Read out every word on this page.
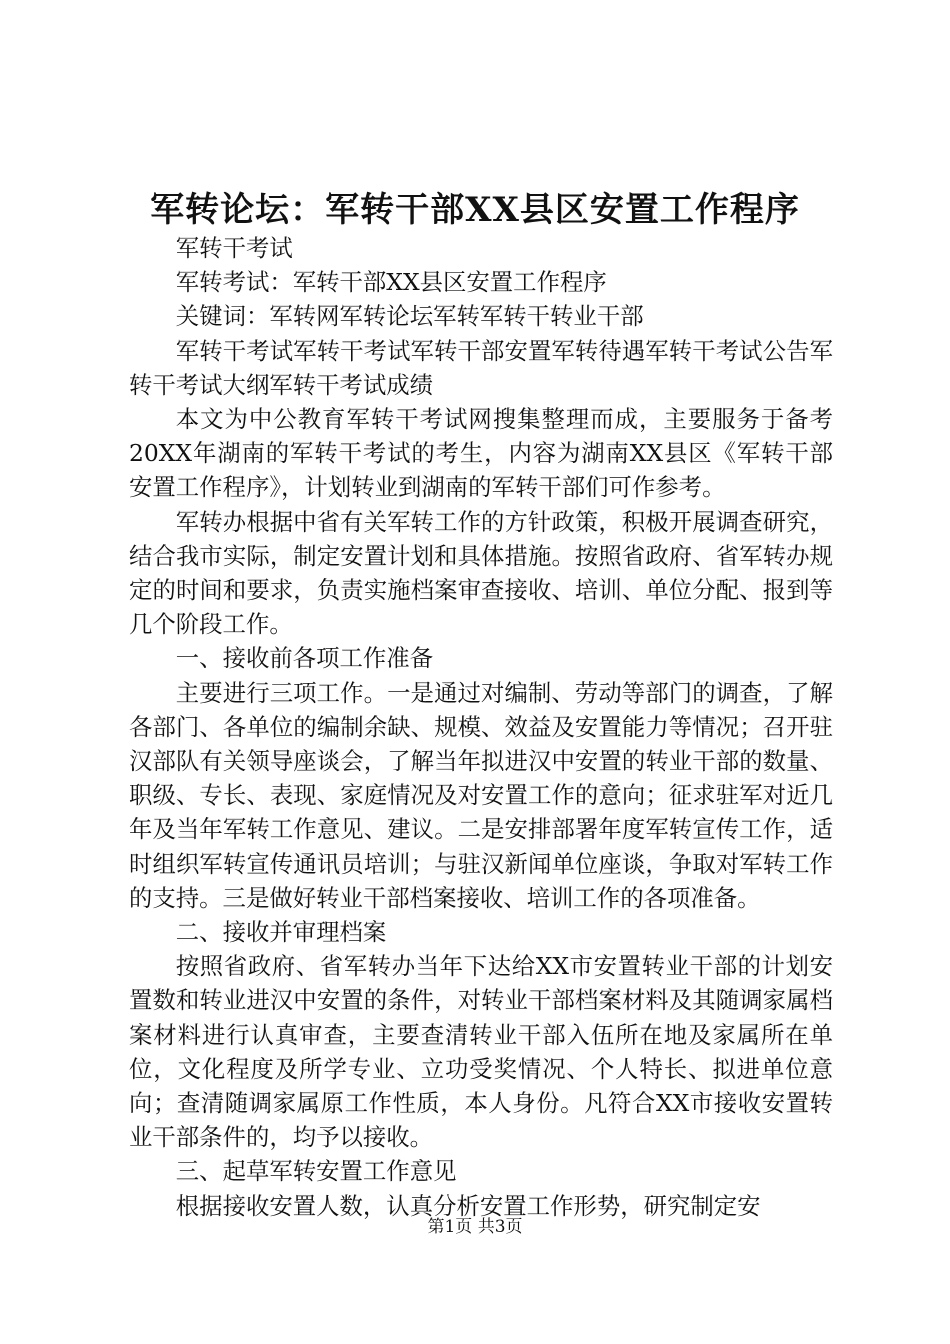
军转论坛：军转干部XX县区安置工作程序

军转干考试

军转考试：军转干部XX县区安置工作程序

关键词：军转网军转论坛军转军转干转业干部

军转干考试军转干考试军转干部安置军转待遇军转干考试公告军转干考试大纲军转干考试成绩

本文为中公教育军转干考试网搜集整理而成，主要服务于备考20XX年湖南的军转干考试的考生，内容为湖南XX县区《军转干部安置工作程序》，计划转业到湖南的军转干部们可作参考。

军转办根据中省有关军转工作的方针政策，积极开展调查研究，结合我市实际，制定安置计划和具体措施。按照省政府、省军转办规定的时间和要求，负责实施档案审查接收、培训、单位分配、报到等几个阶段工作。

一、接收前各项工作准备

主要进行三项工作。一是通过对编制、劳动等部门的调查，了解各部门、各单位的编制余缺、规模、效益及安置能力等情况；召开驻汉部队有关领导座谈会，了解当年拟进汉中安置的转业干部的数量、职级、专长、表现、家庭情况及对安置工作的意向；征求驻军对近几年及当年军转工作意见、建议。二是安排部署年度军转宣传工作，适时组织军转宣传通讯员培训；与驻汉新闻单位座谈，争取对军转工作的支持。三是做好转业干部档案接收、培训工作的各项准备。

二、接收并审理档案

按照省政府、省军转办当年下达给XX市安置转业干部的计划安置数和转业进汉中安置的条件，对转业干部档案材料及其随调家属档案材料进行认真审查，主要查清转业干部入伍所在地及家属所在单位，文化程度及所学专业、立功受奖情况、个人特长、拟进单位意向；查清随调家属原工作性质，本人身份。凡符合XX市接收安置转业干部条件的，均予以接收。

三、起草军转安置工作意见

根据接收安置人数，认真分析安置工作形势，研究制定安

第1页 共3页
